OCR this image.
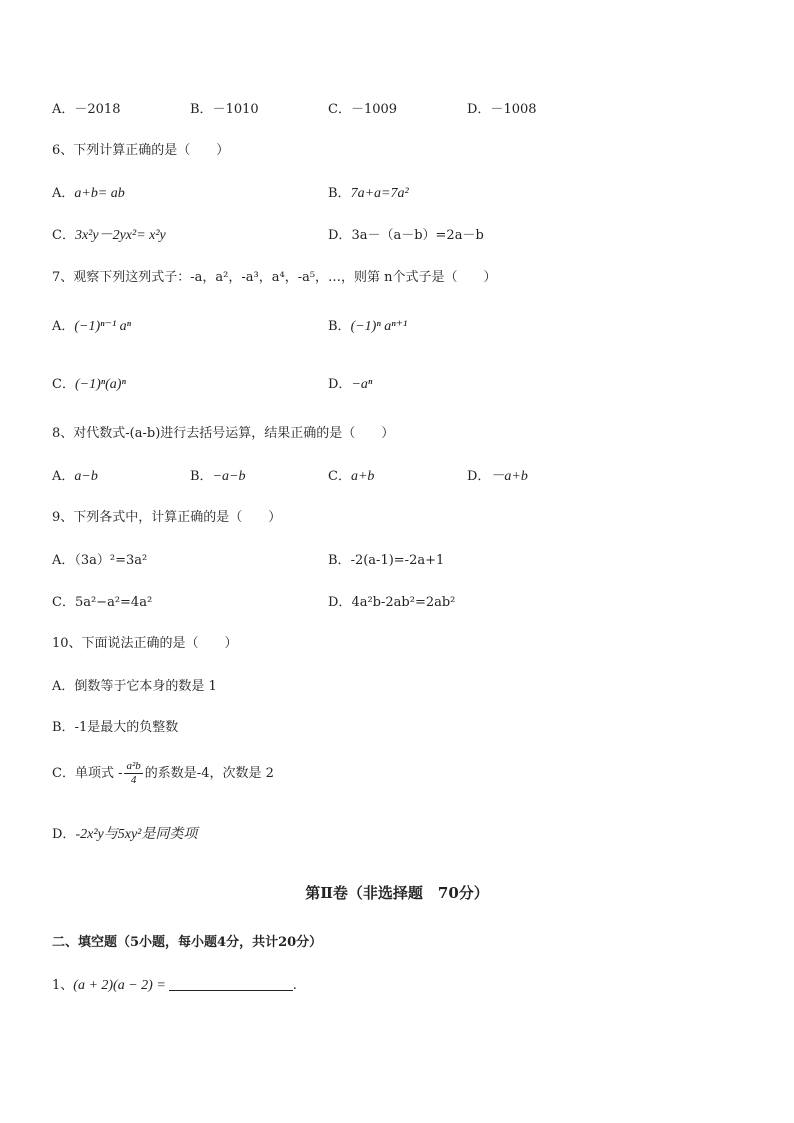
A．－2018	B．－1010	C．－1009	D．－1008
6、下列计算正确的是（　　）
A．a+b= ab	B．7a+a=7a²
C．3x²y－2yx²= x²y	D．3a－（a－b）=2a－b
7、观察下列这列式子：-a，a²，-a³，a⁴，-a⁵，…，则第 n个式子是（　　）
A．(−1)ⁿ⁻¹ aⁿ	B．(−1)ⁿ aⁿ⁺¹
C．(−1)ⁿ(a)ⁿ	D．−aⁿ
8、对代数式-(a-b)进行去括号运算，结果正确的是（　　）
A．a−b	B．−a−b	C．a+b	D．－a+b
9、下列各式中，计算正确的是（　　）
A．（3a）²=3a²	B．-2(a-1)=-2a+1
C．5a²−a²=4a²	D．4a²b-2ab²=2ab²
10、下面说法正确的是（　　）
A．倒数等于它本身的数是 1
B．-1是最大的负整数
C．单项式 - $\frac{\text{a²b}}{4}$ 的系数是-4，次数是 2
D．-2x²y与5xy²是同类项
第Ⅱ卷（非选择题　70分）
二、填空题（5小题，每小题4分，共计20分）
1、(a + 2)(a − 2) =	.
